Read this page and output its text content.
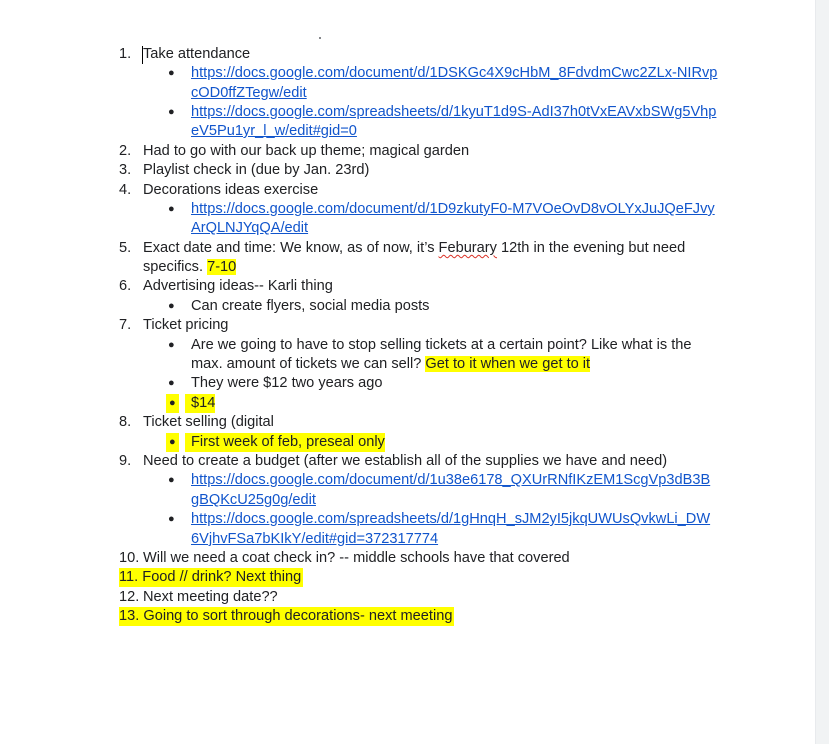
1. Take attendance
● https://docs.google.com/document/d/1DSKGc4X9cHbM_8FdvdmCwc2ZLx-NIRvp
cOD0ffZTegw/edit
● https://docs.google.com/spreadsheets/d/1kyuT1d9S-AdI37h0tVxEAVxbSWg5Vhp
eV5Pu1yr_l_w/edit#gid=0
2. Had to go with our back up theme; magical garden
3. Playlist check in (due by Jan. 23rd)
4. Decorations ideas exercise
● https://docs.google.com/document/d/1D9zkutyF0-M7VOeOvD8vOLYxJuJQeFJvy
ArQLNJYqQA/edit
5. Exact date and time: We know, as of now, it’s Feburary 12th in the evening but need
specifics. 7-10
6. Advertising ideas-- Karli thing
● Can create flyers, social media posts
7. Ticket pricing
● Are we going to have to stop selling tickets at a certain point? Like what is the
max. amount of tickets we can sell? Get to it when we get to it
● They were $12 two years ago
●	$14
8. Ticket selling (digital
●	First week of feb, preseal only
9. Need to create a budget (after we establish all of the supplies we have and need)
● https://docs.google.com/document/d/1u38e6178_QXUrRNfIKzEM1ScgVp3dB3B
gBQKcU25g0g/edit
● https://docs.google.com/spreadsheets/d/1gHnqH_sJM2yI5jkqUWUsQvkwLi_DW
6VjhvFSa7bKIkY/edit#gid=372317774
10. Will we need a coat check in? -- middle schools have that covered
11. Food // drink? Next thing
12. Next meeting date??
13. Going to sort through decorations- next meeting
